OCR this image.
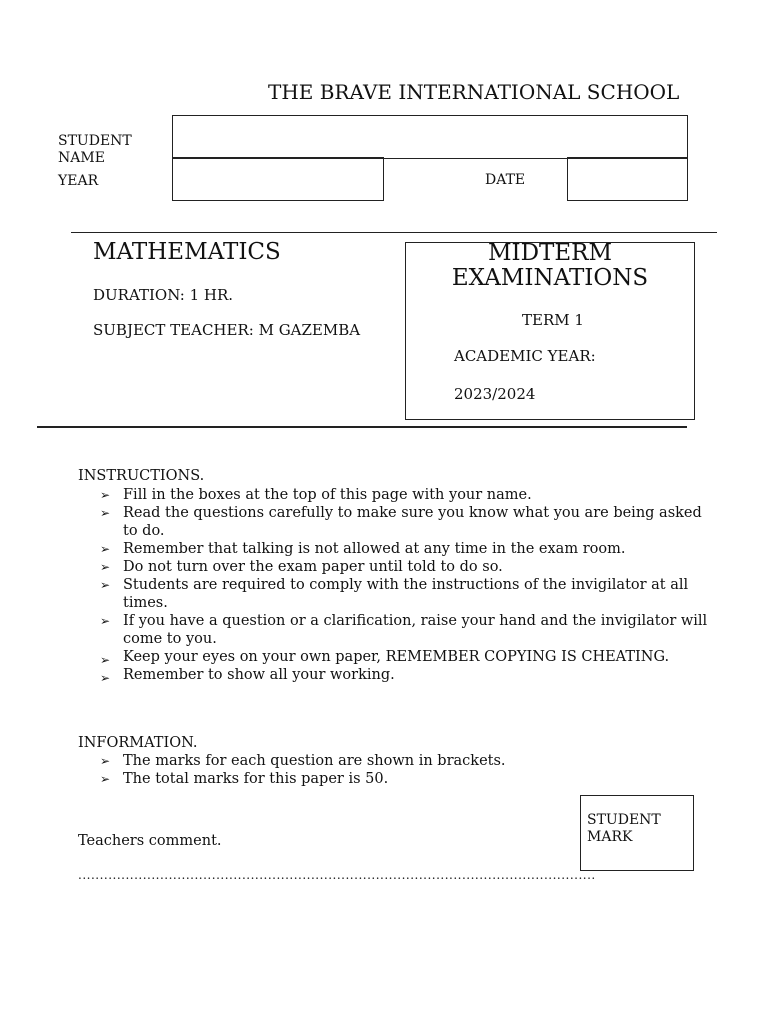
THE BRAVE INTERNATIONAL SCHOOL
STUDENT
NAME
YEAR	DATE
MATHEMATICS
DURATION: 1 HR.
SUBJECT TEACHER: M GAZEMBA
MIDTERM
EXAMINATIONS
TERM 1
ACADEMIC YEAR:
2023/2024
INSTRUCTIONS.
➢ Fill in the boxes at the top of this page with your name.
➢ Read the questions carefully to make sure you know what you are being asked to do.
➢ Remember that talking is not allowed at any time in the exam room.
➢ Do not turn over the exam paper until told to do so.
➢ Students are required to comply with the instructions of the invigilator at all times.
➢ If you have a question or a clarification, raise your hand and the invigilator will come to you.
➢ Keep your eyes on your own paper, REMEMBER COPYING IS CHEATING.
➢ Remember to show all your working.
INFORMATION.
➢ The marks for each question are shown in brackets.
➢ The total marks for this paper is 50.
STUDENT
MARK
Teachers comment.
........................................................................................................................
